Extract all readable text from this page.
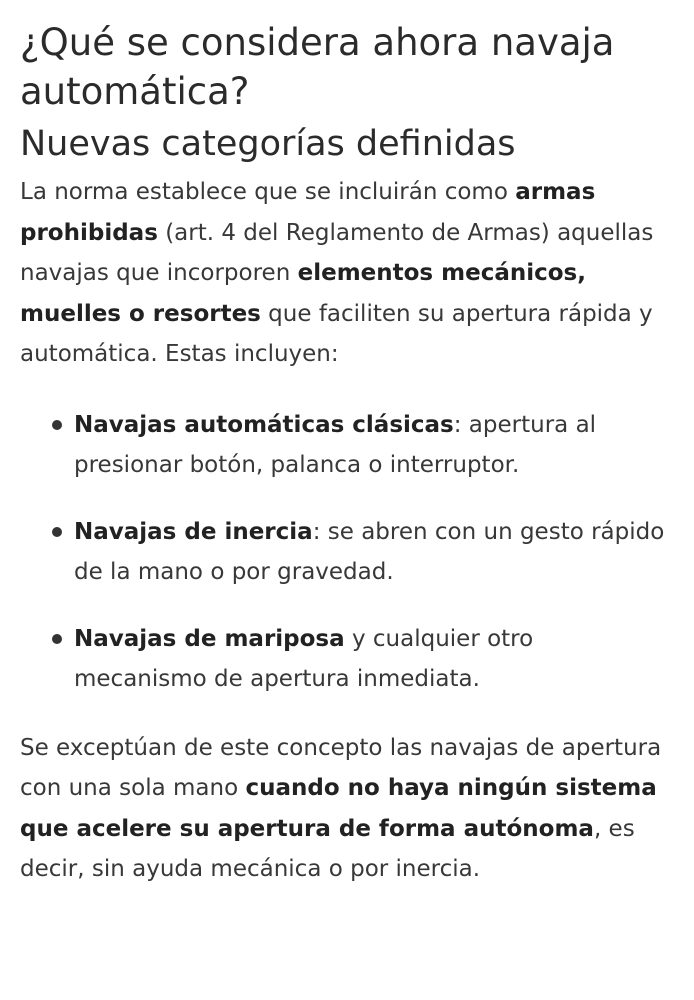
¿Qué se considera ahora navaja automática?
Nuevas categorías definidas

La norma establece que se incluirán como armas prohibidas (art. 4 del Reglamento de Armas) aquellas navajas que incorporen elementos mecánicos, muelles o resortes que faciliten su apertura rápida y automática. Estas incluyen:

Navajas automáticas clásicas: apertura al presionar botón, palanca o interruptor.
Navajas de inercia: se abren con un gesto rápido de la mano o por gravedad.
Navajas de mariposa y cualquier otro mecanismo de apertura inmediata.

Se exceptúan de este concepto las navajas de apertura con una sola mano cuando no haya ningún sistema que acelere su apertura de forma autónoma, es decir, sin ayuda mecánica o por inercia.
